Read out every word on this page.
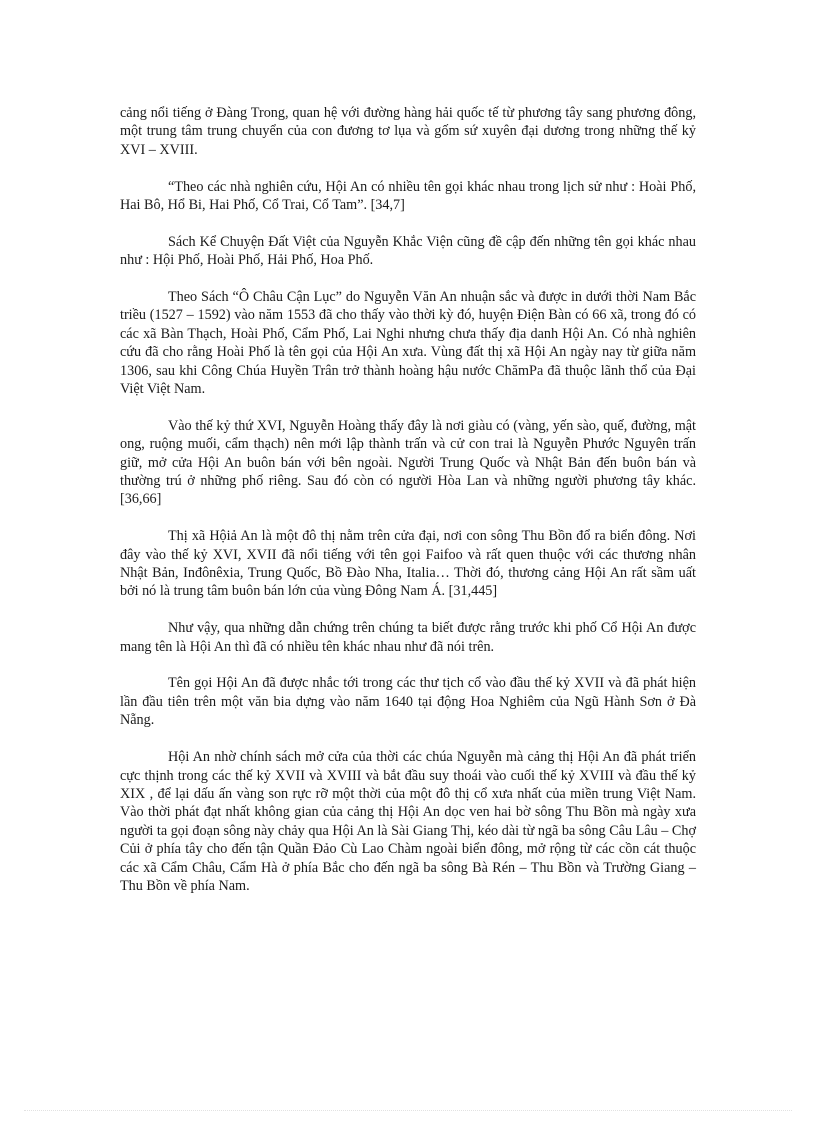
cảng nổi tiếng ở Đàng Trong, quan hệ với đường hàng hải quốc tế từ phương tây sang phương đông, một trung tâm trung chuyển của con đương tơ lụa và gốm sứ xuyên đại dương trong những thế kỷ XVI – XVIII.

“Theo các nhà nghiên cứu, Hội An có nhiều tên gọi khác nhau trong lịch sử như : Hoài Phố, Hai Bô, Hổ Bi, Hai Phố, Cổ Trai, Cổ Tam”. [34,7]

Sách Kể Chuyện Đất Việt của Nguyễn Khắc Viện cũng đề cập đến những tên gọi khác nhau như : Hội Phố, Hoài Phố, Hải Phố, Hoa Phố.

Theo Sách “Ô Châu Cận Lục” do Nguyễn Văn An nhuận sắc và được in dưới thời Nam Bắc triều (1527 – 1592) vào năm 1553 đã cho thấy vào thời kỳ đó, huyện Điện Bàn có 66 xã, trong đó có các xã Bàn Thạch, Hoài Phố, Cẩm Phố, Lai Nghi nhưng chưa thấy địa danh Hội An. Có nhà nghiên cứu đã cho rằng Hoài Phố là tên gọi của Hội An xưa. Vùng đất thị xã Hội An ngày nay từ giữa năm 1306, sau khi Công Chúa Huyền Trân trở thành hoàng hậu nước ChămPa đã thuộc lãnh thổ của Đại Việt Việt Nam.

Vào thế kỷ thứ XVI, Nguyễn Hoàng thấy đây là nơi giàu có (vàng, yến sào, quế, đường, mật ong, ruộng muối, cẩm thạch) nên mới lập thành trấn và cử con trai là Nguyễn Phước Nguyên trấn giữ, mở cửa Hội An buôn bán với bên ngoài. Người Trung Quốc và Nhật Bản đến buôn bán và thường trú ở những phố riêng. Sau đó còn có người Hòa Lan và những người phương tây khác. [36,66]

Thị xã Hộiả An là một đô thị nằm trên cửa đại, nơi con sông Thu Bồn đổ ra biển đông. Nơi đây vào thế kỷ XVI, XVII đã nổi tiếng với tên gọi Faifoo và rất quen thuộc với các thương nhân Nhật Bản, Inđônêxia, Trung Quốc, Bồ Đào Nha, Italia… Thời đó, thương cảng Hội An rất sầm uất bởi nó là trung tâm buôn bán lớn của vùng Đông Nam Á. [31,445]

Như vậy, qua những dẫn chứng trên chúng ta biết được rằng trước khi phố Cổ Hội An được mang tên là Hội An thì đã có nhiều tên khác nhau như đã nói trên.

Tên gọi Hội An đã được nhắc tới trong các thư tịch cổ vào đầu thế kỷ XVII và đã phát hiện lần đầu tiên trên một văn bia dựng vào năm 1640 tại động Hoa Nghiêm của Ngũ Hành Sơn ở Đà Nẵng.

Hội An nhờ chính sách mở cửa của thời các chúa Nguyễn mà cảng thị Hội An đã phát triển cực thịnh trong các thế kỷ XVII và XVIII và bắt đầu suy thoái vào cuối thế kỷ XVIII và đầu thế kỷ XIX , để lại dấu ấn vàng son rực rỡ một thời của một đô thị cổ xưa nhất của miền trung Việt Nam. Vào thời phát đạt nhất không gian của cảng thị Hội An dọc ven hai bờ sông Thu Bồn mà ngày xưa người ta gọi đoạn sông này chảy qua Hội An là Sài Giang Thị, kéo dài từ ngã ba sông Câu Lâu – Chợ Củi ở phía tây cho đến tận Quần Đảo Cù Lao Chàm ngoài biển đông, mở rộng từ các cồn cát thuộc các xã Cẩm Châu, Cẩm Hà ở phía Bắc cho đến ngã ba sông Bà Rén – Thu Bồn và Trường Giang –Thu Bồn về phía Nam.
